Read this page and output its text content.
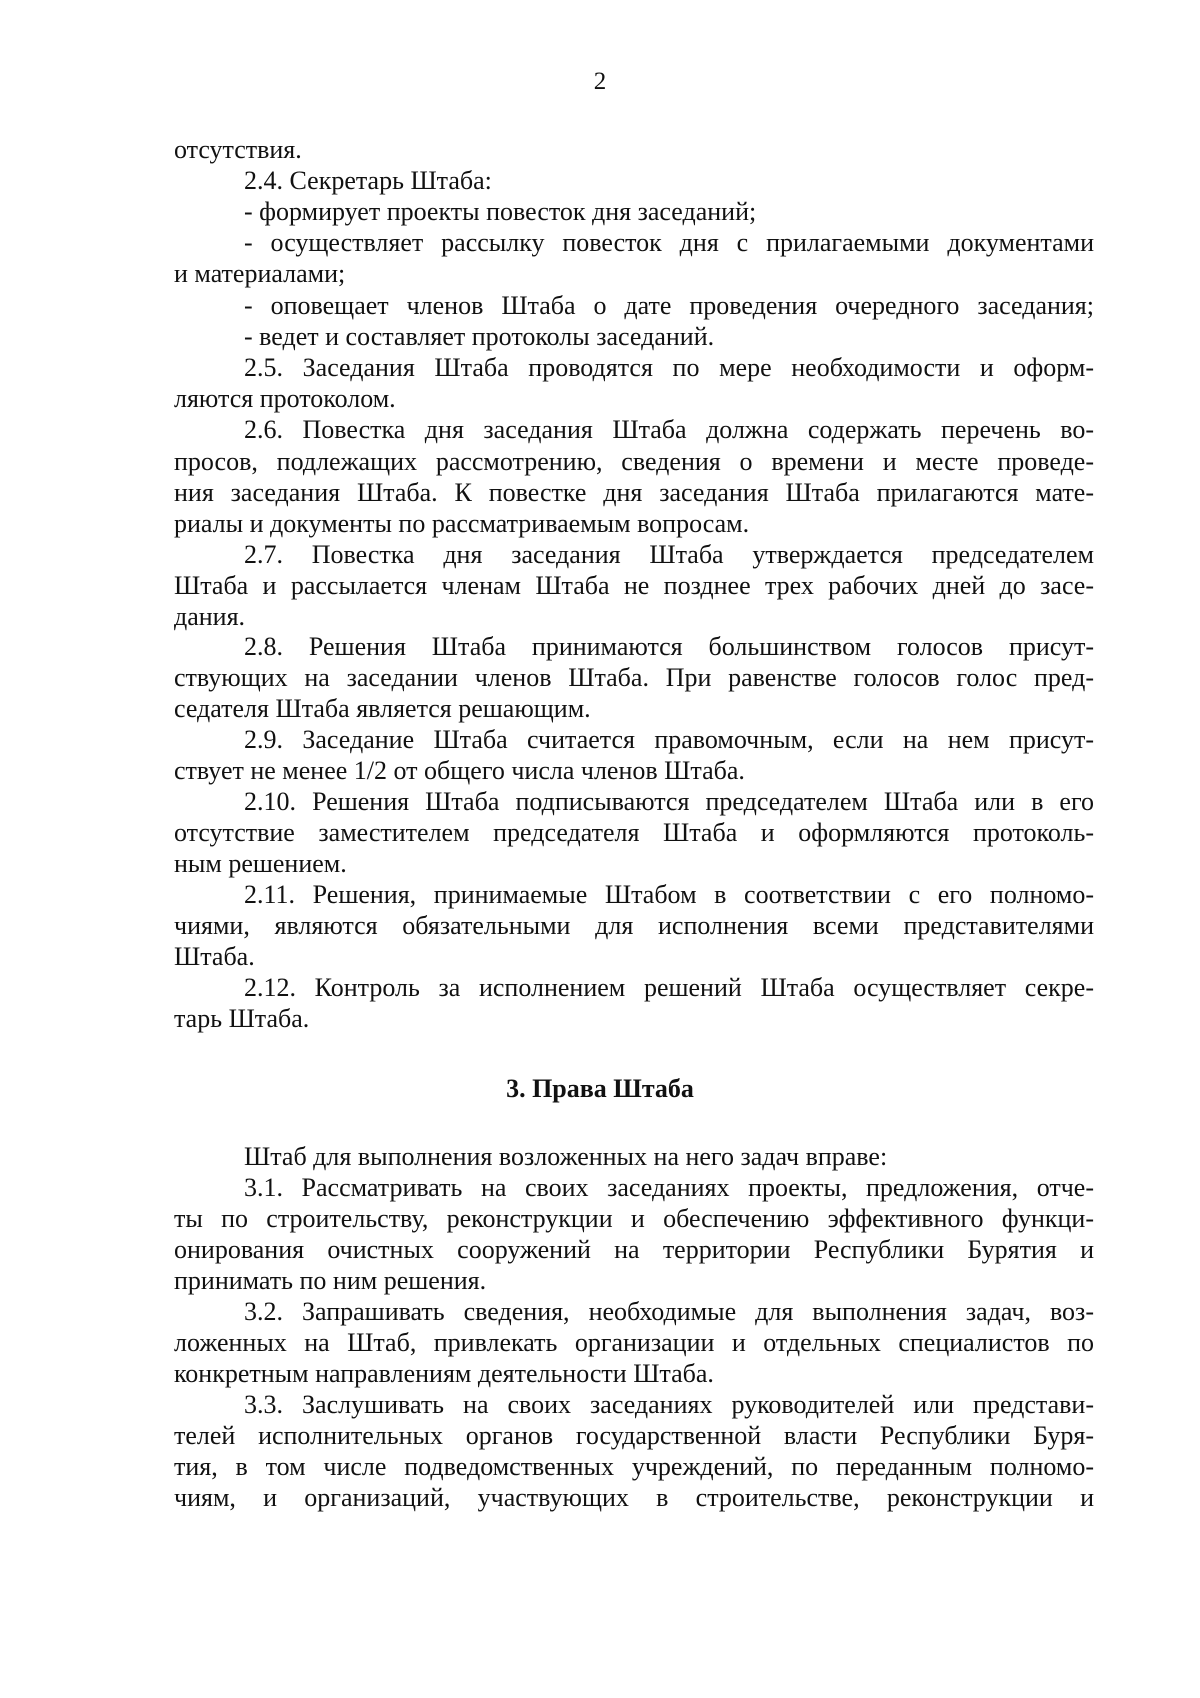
2
отсутствия.
2.4. Секретарь Штаба:
- формирует проекты повесток дня заседаний;
- осуществляет рассылку повесток дня с прилагаемыми документами
и материалами;
- оповещает членов Штаба о дате проведения очередного заседания;
- ведет и составляет протоколы заседаний.
2.5. Заседания Штаба проводятся по мере необходимости и оформ-
ляются протоколом.
2.6. Повестка дня заседания Штаба должна содержать перечень во-
просов, подлежащих рассмотрению, сведения о времени и месте проведе-
ния заседания Штаба. К повестке дня заседания Штаба прилагаются мате-
риалы и документы по рассматриваемым вопросам.
2.7. Повестка дня заседания Штаба утверждается председателем
Штаба и рассылается членам Штаба не позднее трех рабочих дней до засе-
дания.
2.8. Решения Штаба принимаются большинством голосов присут-
ствующих на заседании членов Штаба. При равенстве голосов голос пред-
седателя Штаба является решающим.
2.9. Заседание Штаба считается правомочным, если на нем присут-
ствует не менее 1/2 от общего числа членов Штаба.
2.10. Решения Штаба подписываются председателем Штаба или в его
отсутствие заместителем председателя Штаба и оформляются протоколь-
ным решением.
2.11. Решения, принимаемые Штабом в соответствии с его полномо-
чиями, являются обязательными для исполнения всеми представителями
Штаба.
2.12. Контроль за исполнением решений Штаба осуществляет секре-
тарь Штаба.
3. Права Штаба
Штаб для выполнения возложенных на него задач вправе:
3.1. Рассматривать на своих заседаниях проекты, предложения, отче-
ты по строительству, реконструкции и обеспечению эффективного функци-
онирования очистных сооружений на территории Республики Бурятия и
принимать по ним решения.
3.2. Запрашивать сведения, необходимые для выполнения задач, воз-
ложенных на Штаб, привлекать организации и отдельных специалистов по
конкретным направлениям деятельности Штаба.
3.3. Заслушивать на своих заседаниях руководителей или представи-
телей исполнительных органов государственной власти Республики Буря-
тия, в том числе подведомственных учреждений, по переданным полномо-
чиям, и организаций, участвующих в строительстве, реконструкции и
